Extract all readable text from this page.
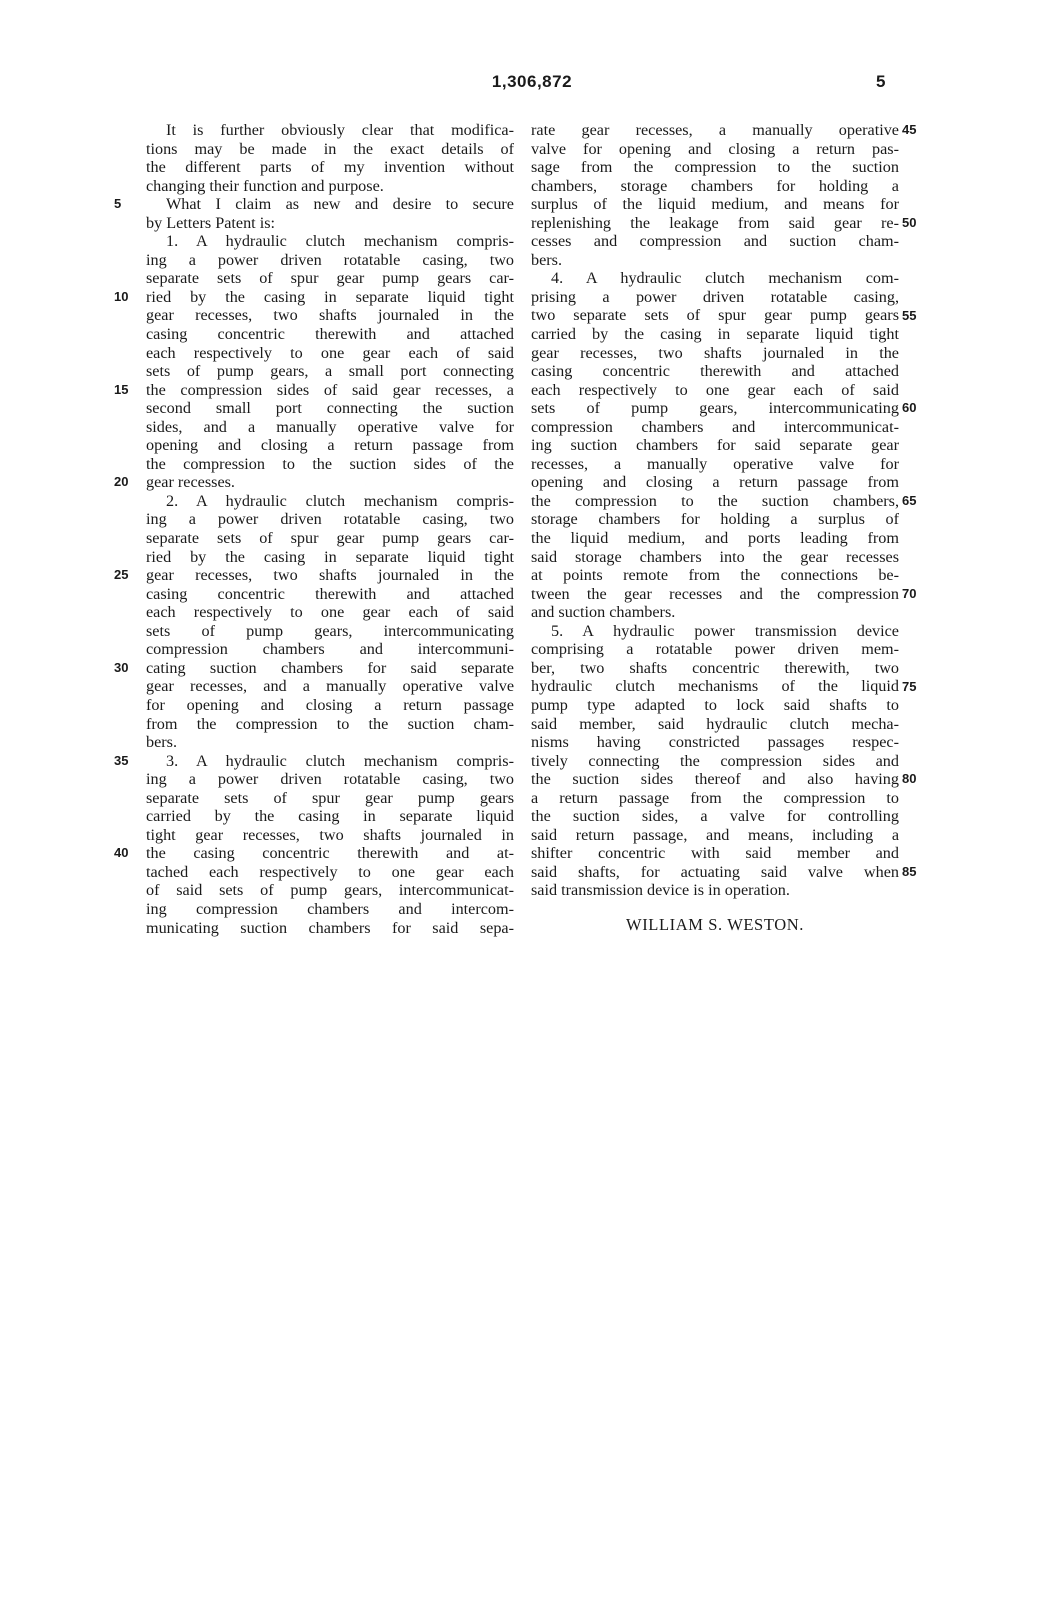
1,306,872	5
It is further obviously clear that modifica-
tions may be made in the exact details of
the different parts of my invention without
changing their function and purpose.
What I claim as new and desire to secure
by Letters Patent is:
1. A hydraulic clutch mechanism compris-
ing a power driven rotatable casing, two
separate sets of spur gear pump gears car-
ried by the casing in separate liquid tight
gear recesses, two shafts journaled in the
casing concentric therewith and attached
each respectively to one gear each of said
sets of pump gears, a small port connecting
the compression sides of said gear recesses, a
second small port connecting the suction
sides, and a manually operative valve for
opening and closing a return passage from
the compression to the suction sides of the
gear recesses.
2. A hydraulic clutch mechanism compris-
ing a power driven rotatable casing, two
separate sets of spur gear pump gears car-
ried by the casing in separate liquid tight
gear recesses, two shafts journaled in the
casing concentric therewith and attached
each respectively to one gear each of said
sets of pump gears, intercommunicating
compression chambers and intercommuni-
cating suction chambers for said separate
gear recesses, and a manually operative valve
for opening and closing a return passage
from the compression to the suction cham-
bers.
3. A hydraulic clutch mechanism compris-
ing a power driven rotatable casing, two
separate sets of spur gear pump gears
carried by the casing in separate liquid
tight gear recesses, two shafts journaled in
the casing concentric therewith and at-
tached each respectively to one gear each
of said sets of pump gears, intercommunicat-
ing compression chambers and intercom-
municating suction chambers for said sepa-
rate gear recesses, a manually operative
valve for opening and closing a return pas-
sage from the compression to the suction
chambers, storage chambers for holding a
surplus of the liquid medium, and means for
replenishing the leakage from said gear re-
cesses and compression and suction cham-
bers.
4. A hydraulic clutch mechanism com-
prising a power driven rotatable casing,
two separate sets of spur gear pump gears
carried by the casing in separate liquid tight
gear recesses, two shafts journaled in the
casing concentric therewith and attached
each respectively to one gear each of said
sets of pump gears, intercommunicating
compression chambers and intercommunicat-
ing suction chambers for said separate gear
recesses, a manually operative valve for
opening and closing a return passage from
the compression to the suction chambers,
storage chambers for holding a surplus of
the liquid medium, and ports leading from
said storage chambers into the gear recesses
at points remote from the connections be-
tween the gear recesses and the compression
and suction chambers.
5. A hydraulic power transmission device
comprising a rotatable power driven mem-
ber, two shafts concentric therewith, two
hydraulic clutch mechanisms of the liquid
pump type adapted to lock said shafts to
said member, said hydraulic clutch mecha-
nisms having constricted passages respec-
tively connecting the compression sides and
the suction sides thereof and also having
a return passage from the compression to
the suction sides, a valve for controlling
said return passage, and means, including a
shifter concentric with said member and
said shafts, for actuating said valve when
said transmission device is in operation.
5
10
15
20
25
30
35
40
45
50
55
60
65
70
75
80
85
WILLIAM S. WESTON.
